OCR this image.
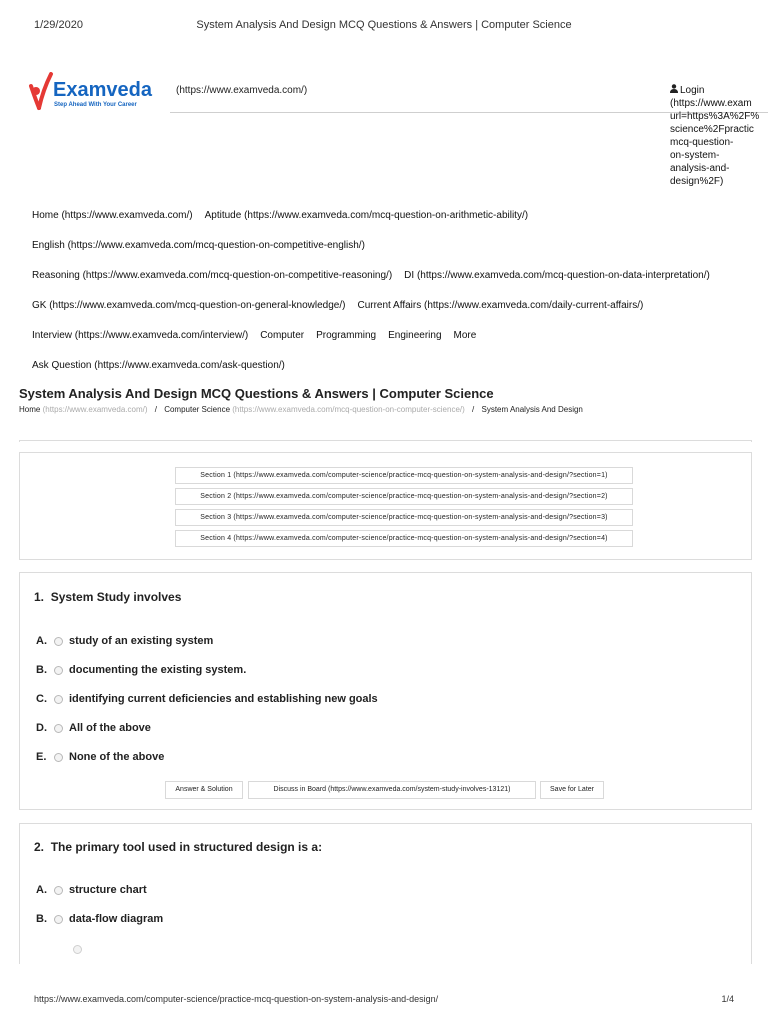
1/29/2020	System Analysis And Design MCQ Questions & Answers | Computer Science
Examveda
Step Ahead With Your Career
(https://www.examveda.com/)	Login
(https://www.exam
url=https%3A%2F%
science%2Fpractic
mcq-question-
on-system-
analysis-and-
design%2F)
Home (https://www.examveda.com/) Aptitude (https://www.examveda.com/mcq-question-on-arithmetic-ability/)
English (https://www.examveda.com/mcq-question-on-competitive-english/)
Reasoning (https://www.examveda.com/mcq-question-on-competitive-reasoning/) DI (https://www.examveda.com/mcq-question-on-data-interpretation/)
GK (https://www.examveda.com/mcq-question-on-general-knowledge/) Current Affairs (https://www.examveda.com/daily-current-affairs/)
Interview (https://www.examveda.com/interview/) Computer Programming Engineering More
Ask Question (https://www.examveda.com/ask-question/)
System Analysis And Design MCQ Questions & Answers | Computer Science
Home (https://www.examveda.com/) / Computer Science (https://www.examveda.com/mcq-question-on-computer-science/) / System Analysis And Design
Section 1 (https://www.examveda.com/computer-science/practice-mcq-question-on-system-analysis-and-design/?section=1)
Section 2 (https://www.examveda.com/computer-science/practice-mcq-question-on-system-analysis-and-design/?section=2)
Section 3 (https://www.examveda.com/computer-science/practice-mcq-question-on-system-analysis-and-design/?section=3)
Section 4 (https://www.examveda.com/computer-science/practice-mcq-question-on-system-analysis-and-design/?section=4)
1. System Study involves
A. study of an existing system
B. documenting the existing system.
C. identifying current deficiencies and establishing new goals
D. All of the above
E. None of the above
Answer & Solution	Discuss in Board (https://www.examveda.com/system-study-involves-13121)	Save for Later
2. The primary tool used in structured design is a:
A. structure chart
B. data-flow diagram
https://www.examveda.com/computer-science/practice-mcq-question-on-system-analysis-and-design/	1/4
